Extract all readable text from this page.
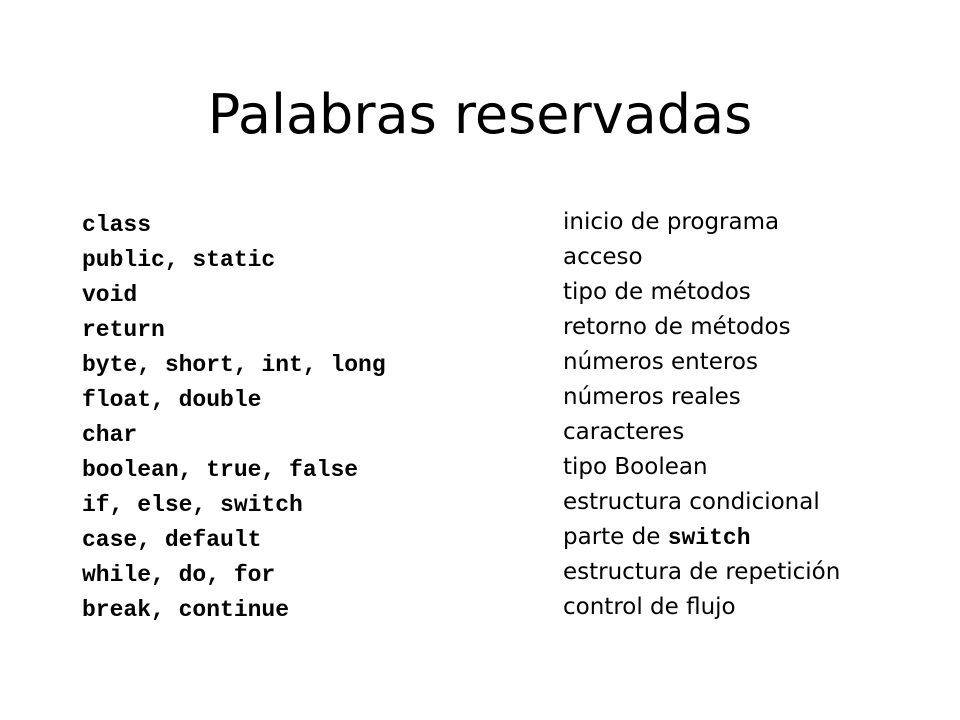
Palabras reservadas
class	inicio de programa
public, static	acceso
void	tipo de métodos
return	retorno de métodos
byte, short, int, long	números enteros
float, double	números reales
char	caracteres
boolean, true, false	tipo Boolean
if, else, switch	estructura condicional
case, default	parte de switch
while, do, for	estructura de repetición
break, continue	control de flujo
